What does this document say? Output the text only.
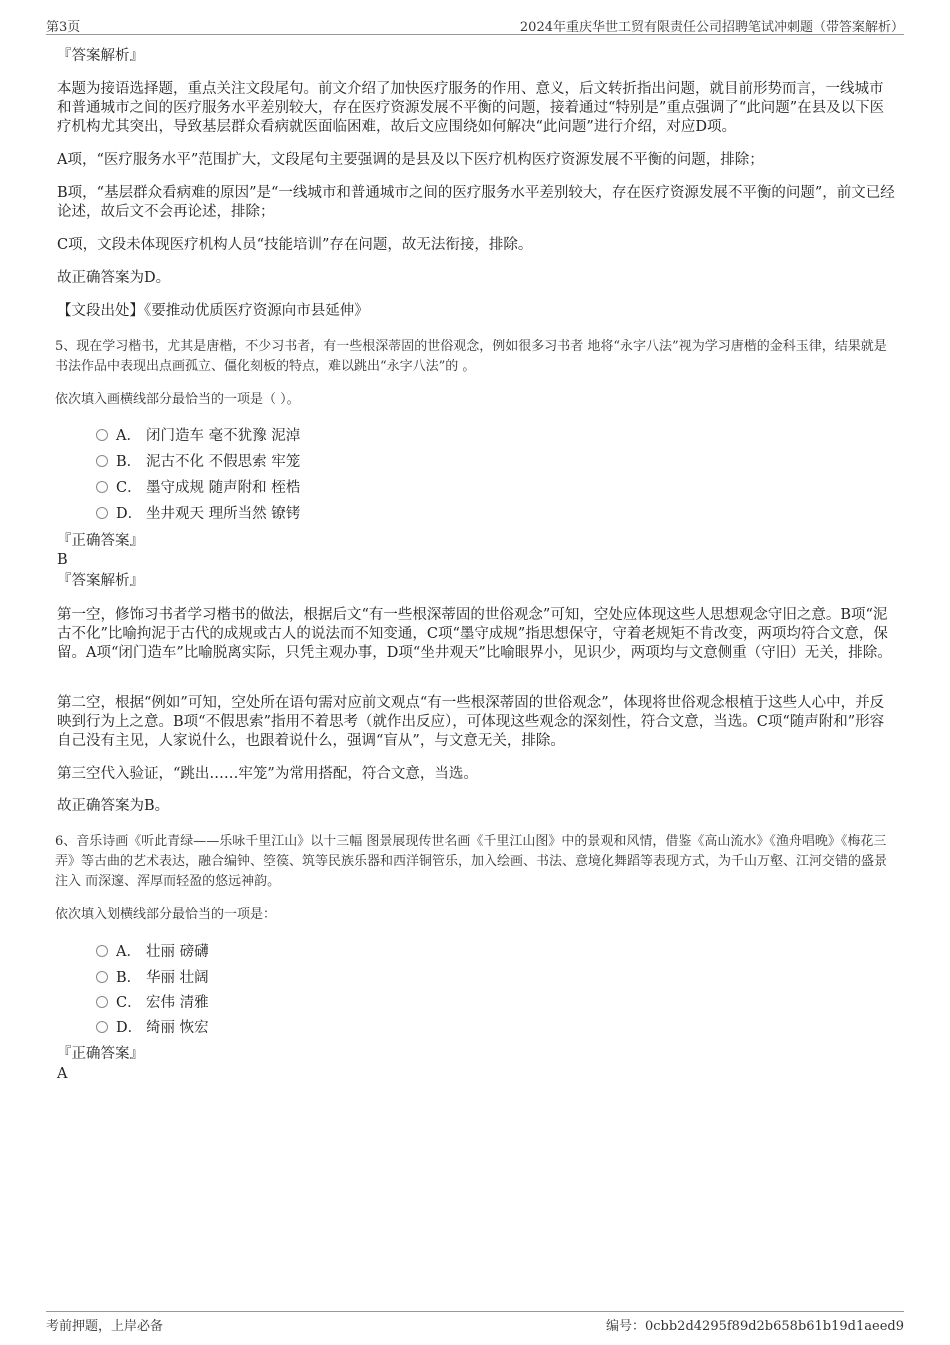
第3页	2024年重庆华世工贸有限责任公司招聘笔试冲刺题（带答案解析）

『答案解析』

本题为接语选择题，重点关注文段尾句。前文介绍了加快医疗服务的作用、意义，后文转折指出问题，就目前形势而言，一线城市和普通城市之间的医疗服务水平差别较大，存在医疗资源发展不平衡的问题，接着通过“特别是”重点强调了“此问题”在县及以下医疗机构尤其突出，导致基层群众看病就医面临困难，故后文应围绕如何解决“此问题”进行介绍，对应D项。

A项，“医疗服务水平”范围扩大，文段尾句主要强调的是县及以下医疗机构医疗资源发展不平衡的问题，排除；

B项，“基层群众看病难的原因”是“一线城市和普通城市之间的医疗服务水平差别较大，存在医疗资源发展不平衡的问题”，前文已经论述，故后文不会再论述，排除；

C项，文段未体现医疗机构人员“技能培训”存在问题，故无法衔接，排除。

故正确答案为D。

【文段出处】《要推动优质医疗资源向市县延伸》

5、现在学习楷书，尤其是唐楷，不少习书者，有一些根深蒂固的世俗观念，例如很多习书者 地将“永字八法”视为学习唐楷的金科玉律，结果就是书法作品中表现出点画孤立、僵化刻板的特点，难以跳出“永字八法”的 。

依次填入画横线部分最恰当的一项是（ ）。

A． 闭门造车 毫不犹豫 泥淖
B． 泥古不化 不假思索 牢笼
C． 墨守成规 随声附和 桎梏
D． 坐井观天 理所当然 镣铐

『正确答案』

B

『答案解析』

第一空，修饰习书者学习楷书的做法，根据后文“有一些根深蒂固的世俗观念”可知，空处应体现这些人思想观念守旧之意。B项“泥古不化”比喻拘泥于古代的成规或古人的说法而不知变通，C项“墨守成规”指思想保守，守着老规矩不肯改变，两项均符合文意，保留。A项“闭门造车”比喻脱离实际，只凭主观办事，D项“坐井观天”比喻眼界小，见识少，两项均与文意侧重（守旧）无关，排除。

第二空，根据“例如”可知，空处所在语句需对应前文观点“有一些根深蒂固的世俗观念”，体现将世俗观念根植于这些人心中，并反映到行为上之意。B项“不假思索”指用不着思考（就作出反应），可体现这些观念的深刻性，符合文意，当选。C项“随声附和”形容自己没有主见，人家说什么，也跟着说什么，强调“盲从”，与文意无关，排除。

第三空代入验证，“跳出……牢笼”为常用搭配，符合文意，当选。

故正确答案为B。

6、音乐诗画《听此青绿——乐咏千里江山》以十三幅 图景展现传世名画《千里江山图》中的景观和风情，借鉴《高山流水》《渔舟唱晚》《梅花三弄》等古曲的艺术表达，融合编钟、箜篌、筑等民族乐器和西洋铜管乐，加入绘画、书法、意境化舞蹈等表现方式，为千山万壑、江河交错的盛景注入 而深邃、浑厚而轻盈的悠远神韵。

依次填入划横线部分最恰当的一项是：

A． 壮丽 磅礴
B． 华丽 壮阔
C． 宏伟 清雅
D． 绮丽 恢宏

『正确答案』

A

考前押题，上岸必备	编号：0cbb2d4295f89d2b658b61b19d1aeed9
